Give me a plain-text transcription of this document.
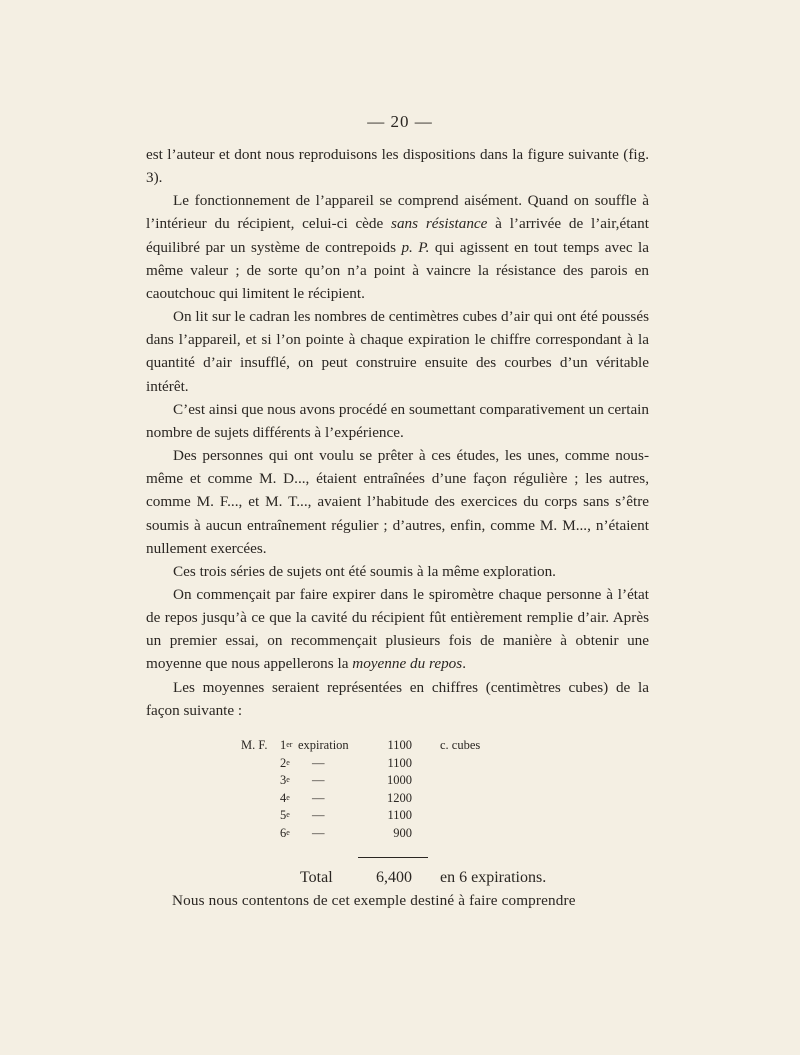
— 20 —

est l’auteur et dont nous reproduisons les dispositions dans la figure suivante (fig. 3).

Le fonctionnement de l’appareil se comprend aisément. Quand on souffle à l’intérieur du récipient, celui-ci cède sans résistance à l’arrivée de l’air,étant équilibré par un système de contrepoids p. P. qui agissent en tout temps avec la même valeur ; de sorte qu’on n’a point à vaincre la résistance des parois en caoutchouc qui limitent le récipient.

On lit sur le cadran les nombres de centimètres cubes d’air qui ont été poussés dans l’appareil, et si l’on pointe à chaque expiration le chiffre correspondant à la quantité d’air insufflé, on peut construire ensuite des courbes d’un véritable intérêt.

C’est ainsi que nous avons procédé en soumettant comparativement un certain nombre de sujets différents à l’expérience.

Des personnes qui ont voulu se prêter à ces études, les unes, comme nous-même et comme M. D..., étaient entraînées d’une façon régulière ; les autres, comme M. F..., et M. T..., avaient l’habitude des exercices du corps sans s’être soumis à aucun entraînement régulier ; d’autres, enfin, comme M. M..., n’étaient nullement exercées.

Ces trois séries de sujets ont été soumis à la même exploration.

On commençait par faire expirer dans le spiromètre chaque personne à l’état de repos jusqu’à ce que la cavité du récipient fût entièrement remplie d’air. Après un premier essai, on recommençait plusieurs fois de manière à obtenir une moyenne que nous appellerons la moyenne du repos.

Les moyennes seraient représentées en chiffres (centimètres cubes) de la façon suivante :

M. F. 1er expiration	1100 c. cubes
2e —	1100
3e —	1000
4e —	1200
5e —	1100
6e —	900
Total	6,400 en 6 expirations.
Nous nous contentons de cet exemple destiné à faire comprendre
